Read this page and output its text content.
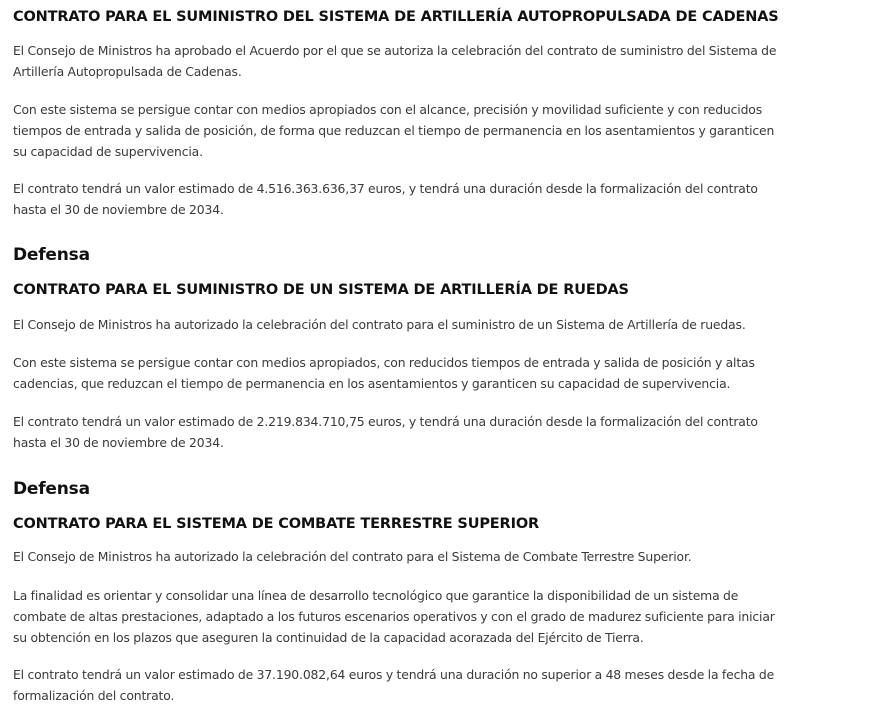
CONTRATO PARA EL SUMINISTRO DEL SISTEMA DE ARTILLERÍA AUTOPROPULSADA DE CADENAS

El Consejo de Ministros ha aprobado el Acuerdo por el que se autoriza la celebración del contrato de suministro del Sistema de Artillería Autopropulsada de Cadenas.

Con este sistema se persigue contar con medios apropiados con el alcance, precisión y movilidad suficiente y con reducidos tiempos de entrada y salida de posición, de forma que reduzcan el tiempo de permanencia en los asentamientos y garanticen su capacidad de supervivencia.

El contrato tendrá un valor estimado de 4.516.363.636,37 euros, y tendrá una duración desde la formalización del contrato hasta el 30 de noviembre de 2034.

Defensa
CONTRATO PARA EL SUMINISTRO DE UN SISTEMA DE ARTILLERÍA DE RUEDAS

El Consejo de Ministros ha autorizado la celebración del contrato para el suministro de un Sistema de Artillería de ruedas.

Con este sistema se persigue contar con medios apropiados, con reducidos tiempos de entrada y salida de posición y altas cadencias, que reduzcan el tiempo de permanencia en los asentamientos y garanticen su capacidad de supervivencia.

El contrato tendrá un valor estimado de 2.219.834.710,75 euros, y tendrá una duración desde la formalización del contrato hasta el 30 de noviembre de 2034.

Defensa
CONTRATO PARA EL SISTEMA DE COMBATE TERRESTRE SUPERIOR

El Consejo de Ministros ha autorizado la celebración del contrato para el Sistema de Combate Terrestre Superior.

La finalidad es orientar y consolidar una línea de desarrollo tecnológico que garantice la disponibilidad de un sistema de combate de altas prestaciones, adaptado a los futuros escenarios operativos y con el grado de madurez suficiente para iniciar su obtención en los plazos que aseguren la continuidad de la capacidad acorazada del Ejército de Tierra.

El contrato tendrá un valor estimado de 37.190.082,64 euros y tendrá una duración no superior a 48 meses desde la fecha de formalización del contrato.
